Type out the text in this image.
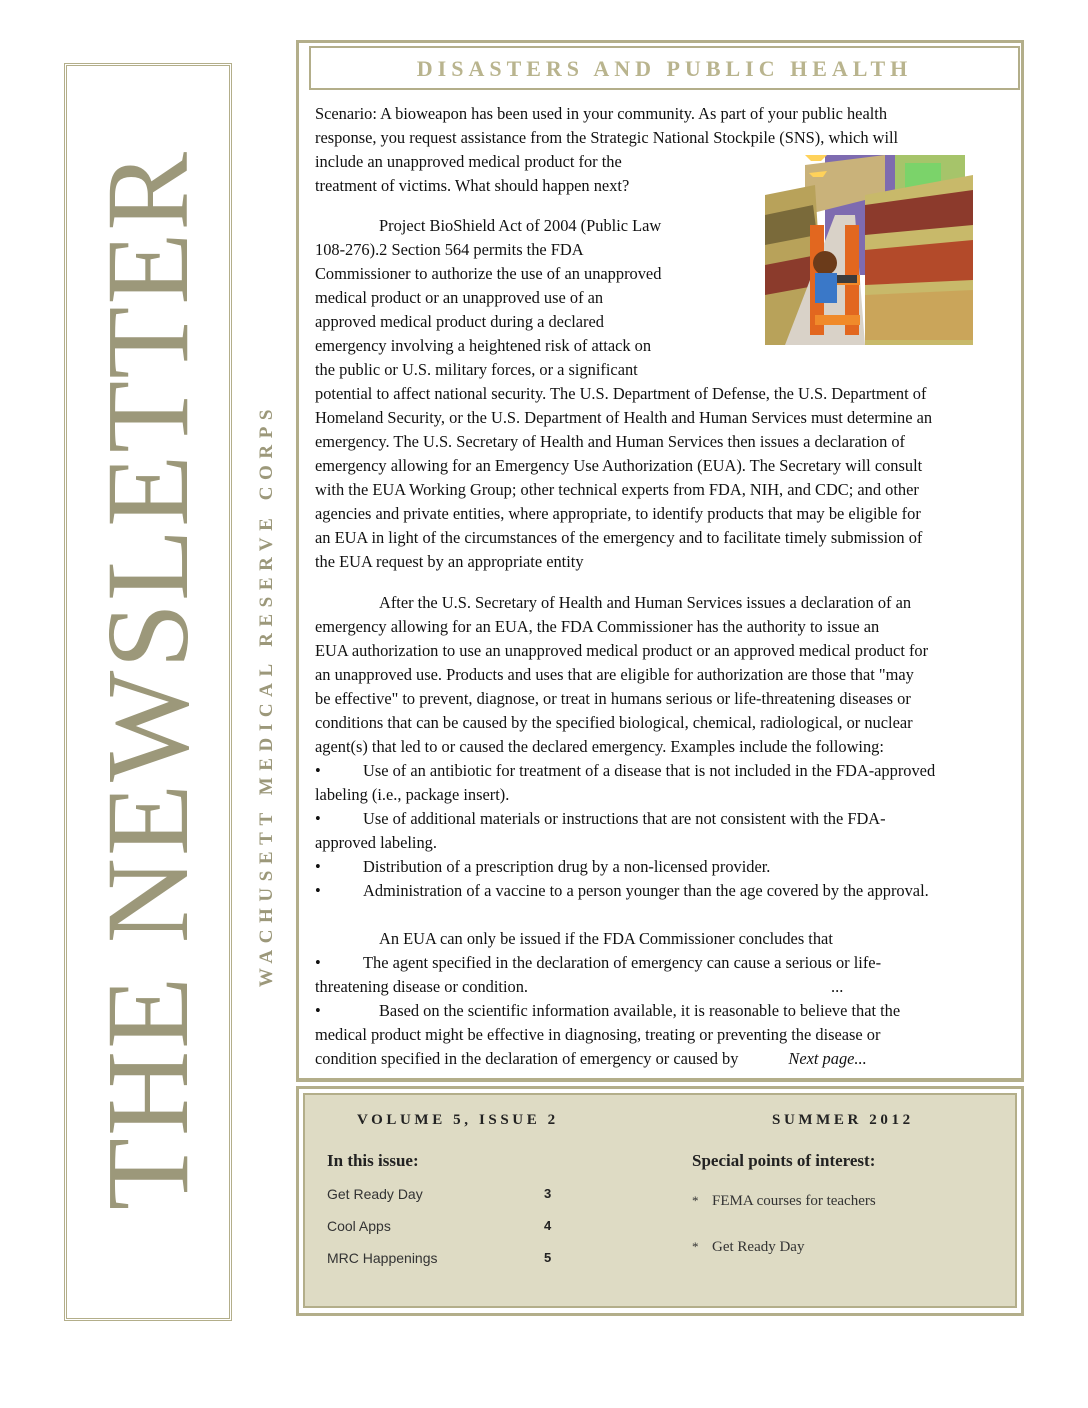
THE NEWSLETTER WACHUSETT MEDICAL RESERVE CORPS
DISASTERS AND PUBLIC HEALTH
Scenario: A bioweapon has been used in your community. As part of your public health
response, you request assistance from the Strategic National Stockpile (SNS), which will
include an unapproved medical product for the
treatment of victims. What should happen next?
Project BioShield Act of 2004 (Public Law
108-276).2 Section 564 permits the FDA
Commissioner to authorize the use of an unapproved
medical product or an unapproved use of an
approved medical product during a declared
emergency involving a heightened risk of attack on
the public or U.S. military forces, or a significant
potential to affect national security. The U.S. Department of Defense, the U.S. Department of
Homeland Security, or the U.S. Department of Health and Human Services must determine an
emergency. The U.S. Secretary of Health and Human Services then issues a declaration of
emergency allowing for an Emergency Use Authorization (EUA). The Secretary will consult
with the EUA Working Group; other technical experts from FDA, NIH, and CDC; and other
agencies and private entities, where appropriate, to identify products that may be eligible for
an EUA in light of the circumstances of the emergency and to facilitate timely submission of
the EUA request by an appropriate entity
After the U.S. Secretary of Health and Human Services issues a declaration of an
emergency allowing for an EUA, the FDA Commissioner has the authority to issue an
EUA authorization to use an unapproved medical product or an approved medical product for
an unapproved use. Products and uses that are eligible for authorization are those that "may
be effective" to prevent, diagnose, or treat in humans serious or life-threatening diseases or
conditions that can be caused by the specified biological, chemical, radiological, or nuclear
agent(s) that led to or caused the declared emergency. Examples include the following:
•	Use of an antibiotic for treatment of a disease that is not included in the FDA-approved
labeling (i.e., package insert).
•	Use of additional materials or instructions that are not consistent with the FDA-
approved labeling.
•	Distribution of a prescription drug by a non-licensed provider.
•	Administration of a vaccine to a person younger than the age covered by the approval.
An EUA can only be issued if the FDA Commissioner concludes that
•	The agent specified in the declaration of emergency can cause a serious or life-
threatening disease or condition.	...
•	Based on the scientific information available, it is reasonable to believe that the
medical product might be effective in diagnosing, treating or preventing the disease or
condition specified in the declaration of emergency or caused by	Next page...
VOLUME 5, ISSUE 2	SUMMER 2012
In this issue:	Special points of interest:
Get Ready Day	3
Cool Apps	4
MRC Happenings	5
* FEMA courses for teachers
* Get Ready Day
